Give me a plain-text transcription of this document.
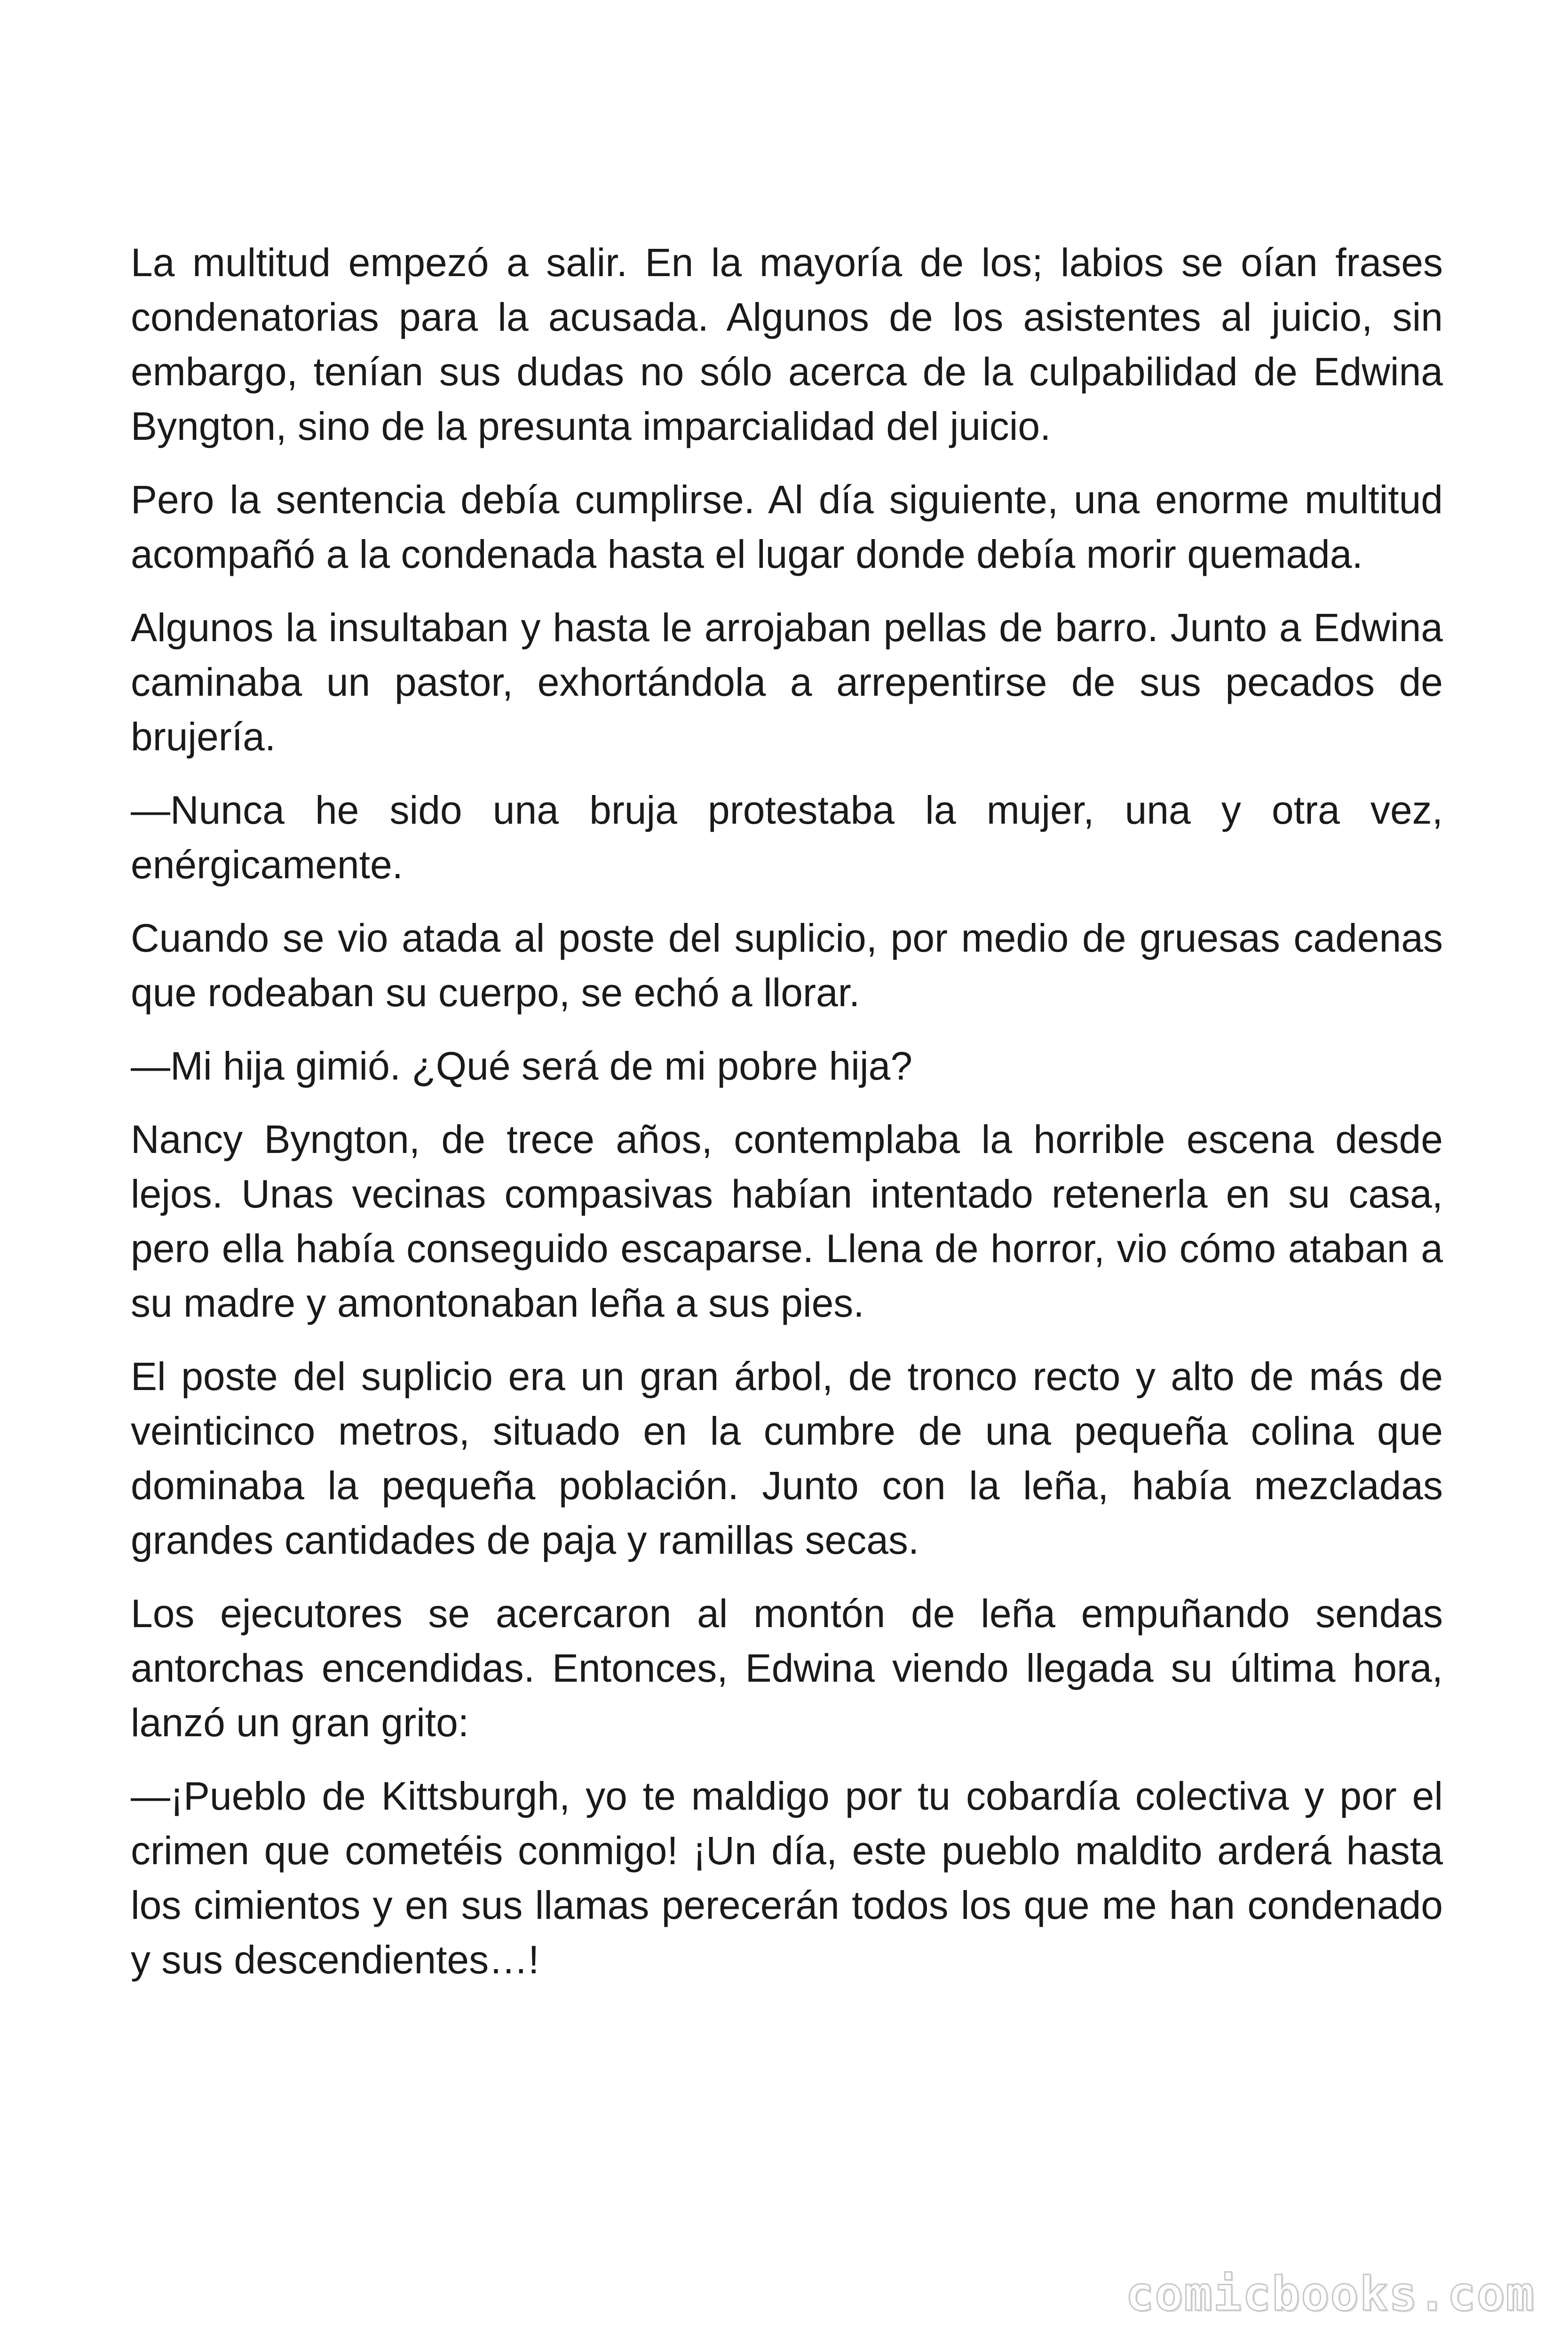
La multitud empezó a salir. En la mayoría de los; labios se oían frases condenatorias para la acusada. Algunos de los asistentes al juicio, sin embargo, tenían sus dudas no sólo acerca de la culpabilidad de Edwina Byngton, sino de la presunta imparcialidad del juicio.

Pero la sentencia debía cumplirse. Al día siguiente, una enorme multitud acompañó a la condenada hasta el lugar donde debía morir quemada.

Algunos la insultaban y hasta le arrojaban pellas de barro. Junto a Edwina caminaba un pastor, exhortándola a arrepentirse de sus pecados de brujería.

—Nunca he sido una bruja protestaba la mujer, una y otra vez, enérgicamente.

Cuando se vio atada al poste del suplicio, por medio de gruesas cadenas que rodeaban su cuerpo, se echó a llorar.

—Mi hija gimió. ¿Qué será de mi pobre hija?

Nancy Byngton, de trece años, contemplaba la horrible escena desde lejos. Unas vecinas compasivas habían intentado retenerla en su casa, pero ella había conseguido escaparse. Llena de horror, vio cómo ataban a su madre y amontonaban leña a sus pies.

El poste del suplicio era un gran árbol, de tronco recto y alto de más de veinticinco metros, situado en la cumbre de una pequeña colina que dominaba la pequeña población. Junto con la leña, había mezcladas grandes cantidades de paja y ramillas secas.

Los ejecutores se acercaron al montón de leña empuñando sendas antorchas encendidas. Entonces, Edwina viendo llegada su última hora, lanzó un gran grito:

—¡Pueblo de Kittsburgh, yo te maldigo por tu cobardía colectiva y por el crimen que cometéis conmigo! ¡Un día, este pueblo maldito arderá hasta los cimientos y en sus llamas perecerán todos los que me han condenado y sus descendientes…!

comicbooks.com
